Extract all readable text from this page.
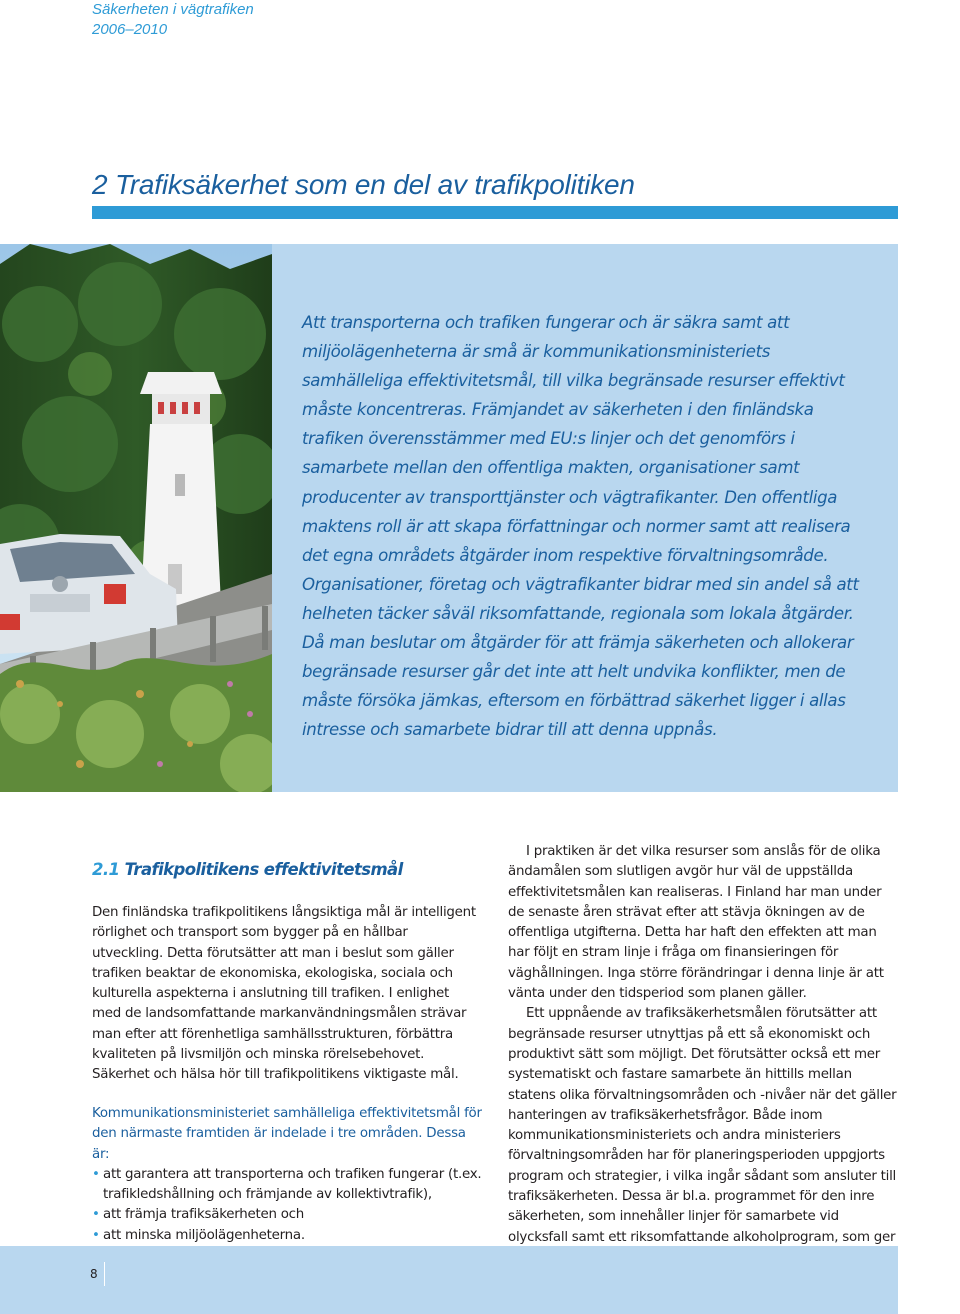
Säkerheten i vägtrafiken
2006–2010
2 Trafiksäkerhet som en del av trafikpolitiken
Att transporterna och trafiken fungerar och är säkra samt att miljöolägenheterna är små är kommunikationsministeriets samhälleliga effektivitetsmål, till vilka begränsade resurser effektivt måste koncentreras. Främjandet av säkerheten i den finländska trafiken överensstämmer med EU:s linjer och det genomförs i samarbete mellan den offentliga makten, organisationer samt producenter av transporttjänster och vägtrafikanter. Den offentliga maktens roll är att skapa författningar och normer samt att realisera det egna områdets åtgärder inom respektive förvaltningsområde. Organisationer, företag och vägtrafikanter bidrar med sin andel så att helheten täcker såväl riksomfattande, regionala som lokala åtgärder. Då man beslutar om åtgärder för att främja säkerheten och allokerar begränsade resurser går det inte att helt undvika konflikter, men de måste försöka jämkas, eftersom en förbättrad säkerhet ligger i allas intresse och samarbete bidrar till att denna uppnås.
2.1 Trafikpolitikens effektivitetsmål

Den finländska trafikpolitikens långsiktiga mål är intelligent rörlighet och transport som bygger på en hållbar utveckling. Detta förutsätter att man i beslut som gäller trafiken beaktar de ekonomiska, ekologiska, sociala och kulturella aspekterna i anslutning till trafiken. I enlighet med de landsomfattande markanvändningsmålen strävar man efter att förenhetliga samhällsstrukturen, förbättra kvaliteten på livsmiljön och minska rörelsebehovet. Säkerhet och hälsa hör till trafikpolitikens viktigaste mål.

Kommunikationsministeriet samhälleliga effektivitetsmål för den närmaste framtiden är indelade i tre områden. Dessa är:

• att garantera att transporterna och trafiken fungerar (t.ex. trafikledshållning och främjande av kollektivtrafik),
• att främja trafiksäkerheten och
• att minska miljöolägenheterna.

I praktiken är det vilka resurser som anslås för de olika ändamålen som slutligen avgör hur väl de uppställda effektivitetsmålen kan realiseras. I Finland har man under de senaste åren strävat efter att stävja ökningen av de offentliga utgifterna. Detta har haft den effekten att man har följt en stram linje i fråga om finansieringen för väghållningen. Inga större förändringar i denna linje är att vänta under den tidsperiod som planen gäller.

Ett uppnående av trafiksäkerhetsmålen förutsätter att begränsade resurser utnyttjas på ett så ekonomiskt och produktivt sätt som möjligt. Det förutsätter också ett mer systematiskt och fastare samarbete än hittills mellan statens olika förvaltningsområden och -nivåer när det gäller hanteringen av trafiksäkerhetsfrågor. Både inom kommunikationsministeriets och andra ministeriers förvaltningsområden har för planeringsperioden uppgjorts program och strategier, i vilka ingår sådant som ansluter till trafiksäkerheten. Dessa är bl.a. programmet för den inre säkerheten, som innehåller linjer för samarbete vid olycksfall samt ett riksomfattande alkoholprogram, som ger

8
